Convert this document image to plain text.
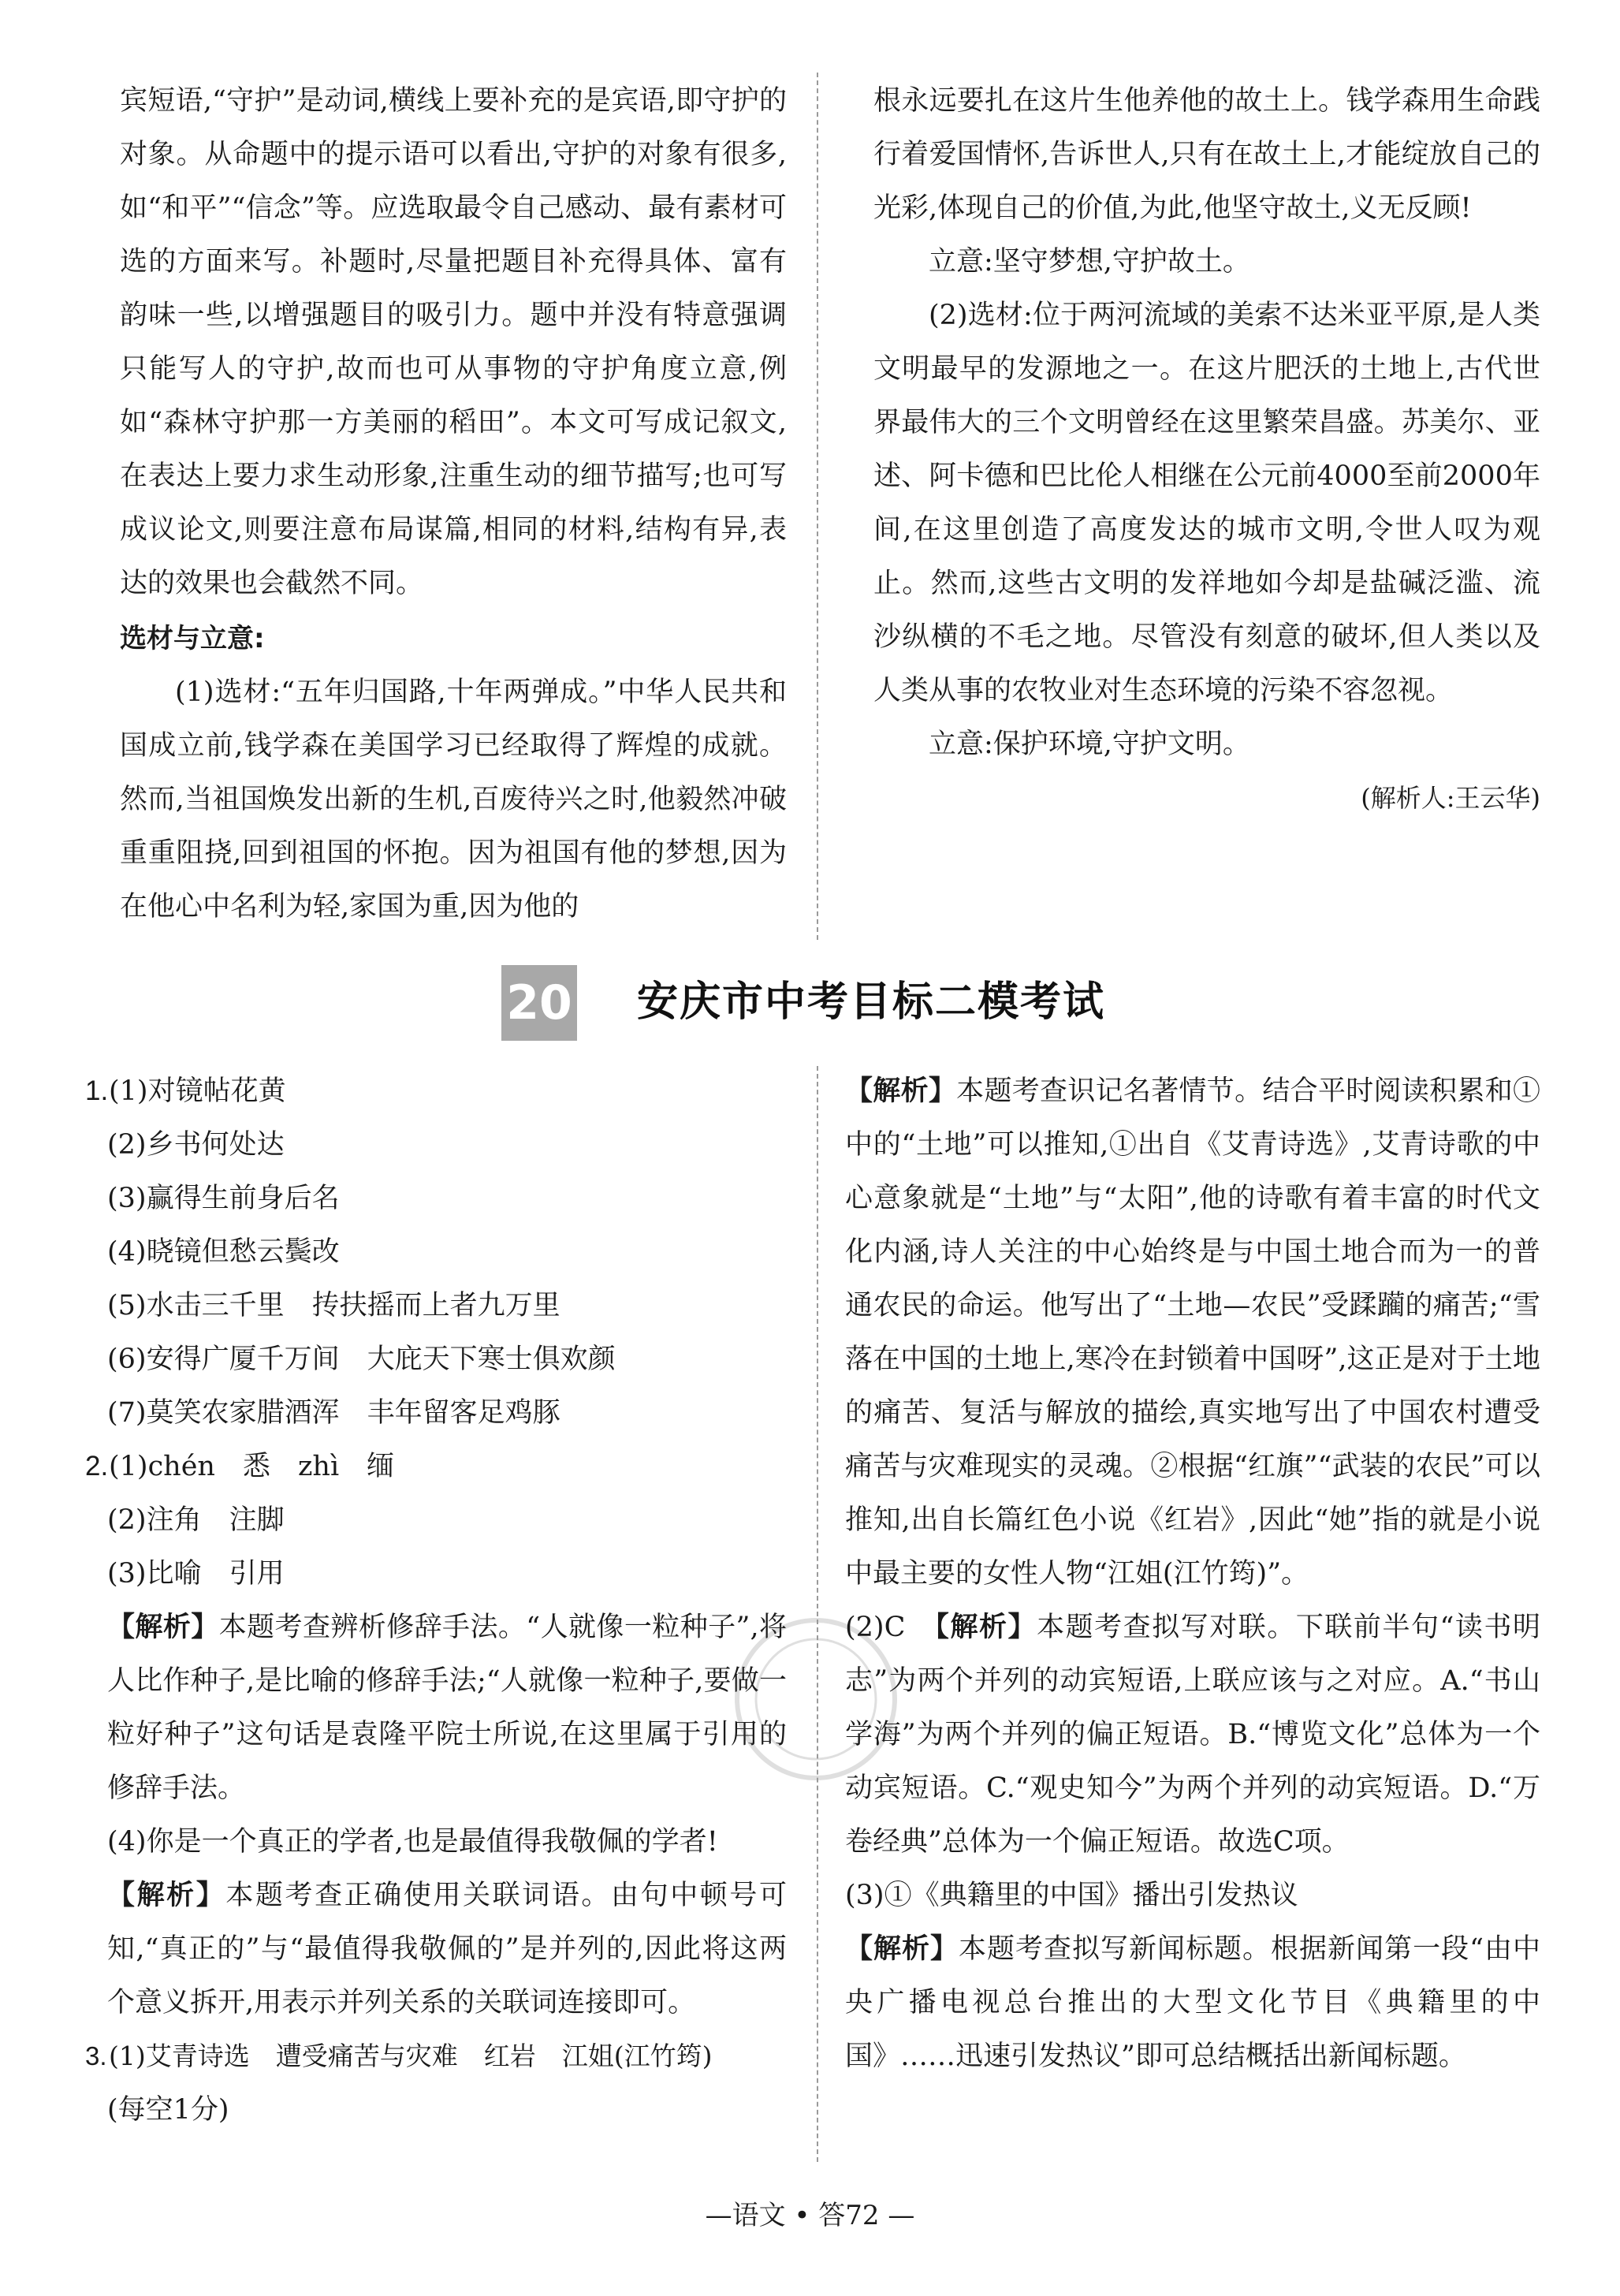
宾短语,“守护”是动词,横线上要补充的是宾语,即守护的对象。从命题中的提示语可以看出,守护的对象有很多,如“和平”“信念”等。应选取最令自己感动、最有素材可选的方面来写。补题时,尽量把题目补充得具体、富有韵味一些,以增强题目的吸引力。题中并没有特意强调只能写人的守护,故而也可从事物的守护角度立意,例如“森林守护那一方美丽的稻田”。本文可写成记叙文,在表达上要力求生动形象,注重生动的细节描写;也可写成议论文,则要注意布局谋篇,相同的材料,结构有异,表达的效果也会截然不同。

选材与立意:

(1)选材:“五年归国路,十年两弹成。”中华人民共和国成立前,钱学森在美国学习已经取得了辉煌的成就。然而,当祖国焕发出新的生机,百废待兴之时,他毅然冲破重重阻挠,回到祖国的怀抱。因为祖国有他的梦想,因为在他心中名利为轻,家国为重,因为他的

根永远要扎在这片生他养他的故土上。钱学森用生命践行着爱国情怀,告诉世人,只有在故土上,才能绽放自己的光彩,体现自己的价值,为此,他坚守故土,义无反顾!

立意:坚守梦想,守护故土。

(2)选材:位于两河流域的美索不达米亚平原,是人类文明最早的发源地之一。在这片肥沃的土地上,古代世界最伟大的三个文明曾经在这里繁荣昌盛。苏美尔、亚述、阿卡德和巴比伦人相继在公元前4000至前2000年间,在这里创造了高度发达的城市文明,令世人叹为观止。然而,这些古文明的发祥地如今却是盐碱泛滥、流沙纵横的不毛之地。尽管没有刻意的破坏,但人类以及人类从事的农牧业对生态环境的污染不容忽视。

立意:保护环境,守护文明。

(解析人:王云华)

20 安庆市中考目标二模考试

1.(1)对镜帖花黄

(2)乡书何处达

(3)赢得生前身后名

(4)晓镜但愁云鬓改

(5)水击三千里　抟扶摇而上者九万里

(6)安得广厦千万间　大庇天下寒士俱欢颜

(7)莫笑农家腊酒浑　丰年留客足鸡豚

2.(1)chén　悉　zhì　缅

(2)注角　注脚

(3)比喻　引用

【解析】本题考查辨析修辞手法。“人就像一粒种子”,将人比作种子,是比喻的修辞手法;“人就像一粒种子,要做一粒好种子”这句话是袁隆平院士所说,在这里属于引用的修辞手法。

(4)你是一个真正的学者,也是最值得我敬佩的学者!

【解析】本题考查正确使用关联词语。由句中顿号可知,“真正的”与“最值得我敬佩的”是并列的,因此将这两个意义拆开,用表示并列关系的关联词连接即可。

3.(1)艾青诗选　遭受痛苦与灾难　红岩　江姐(江竹筠)

(每空1分)

【解析】本题考查识记名著情节。结合平时阅读积累和①中的“土地”可以推知,①出自《艾青诗选》,艾青诗歌的中心意象就是“土地”与“太阳”,他的诗歌有着丰富的时代文化内涵,诗人关注的中心始终是与中国土地合而为一的普通农民的命运。他写出了“土地—农民”受蹂躏的痛苦;“雪落在中国的土地上,寒冷在封锁着中国呀”,这正是对于土地的痛苦、复活与解放的描绘,真实地写出了中国农村遭受痛苦与灾难现实的灵魂。②根据“红旗”“武装的农民”可以推知,出自长篇红色小说《红岩》,因此“她”指的就是小说中最主要的女性人物“江姐(江竹筠)”。

(2)C　【解析】本题考查拟写对联。下联前半句“读书明志”为两个并列的动宾短语,上联应该与之对应。A.“书山学海”为两个并列的偏正短语。B.“博览文化”总体为一个动宾短语。C.“观史知今”为两个并列的动宾短语。D.“万卷经典”总体为一个偏正短语。故选C项。

(3)①《典籍里的中国》播出引发热议

【解析】本题考查拟写新闻标题。根据新闻第一段“由中央广播电视总台推出的大型文化节目《典籍里的中国》……迅速引发热议”即可总结概括出新闻标题。

—语文 • 答72 —
